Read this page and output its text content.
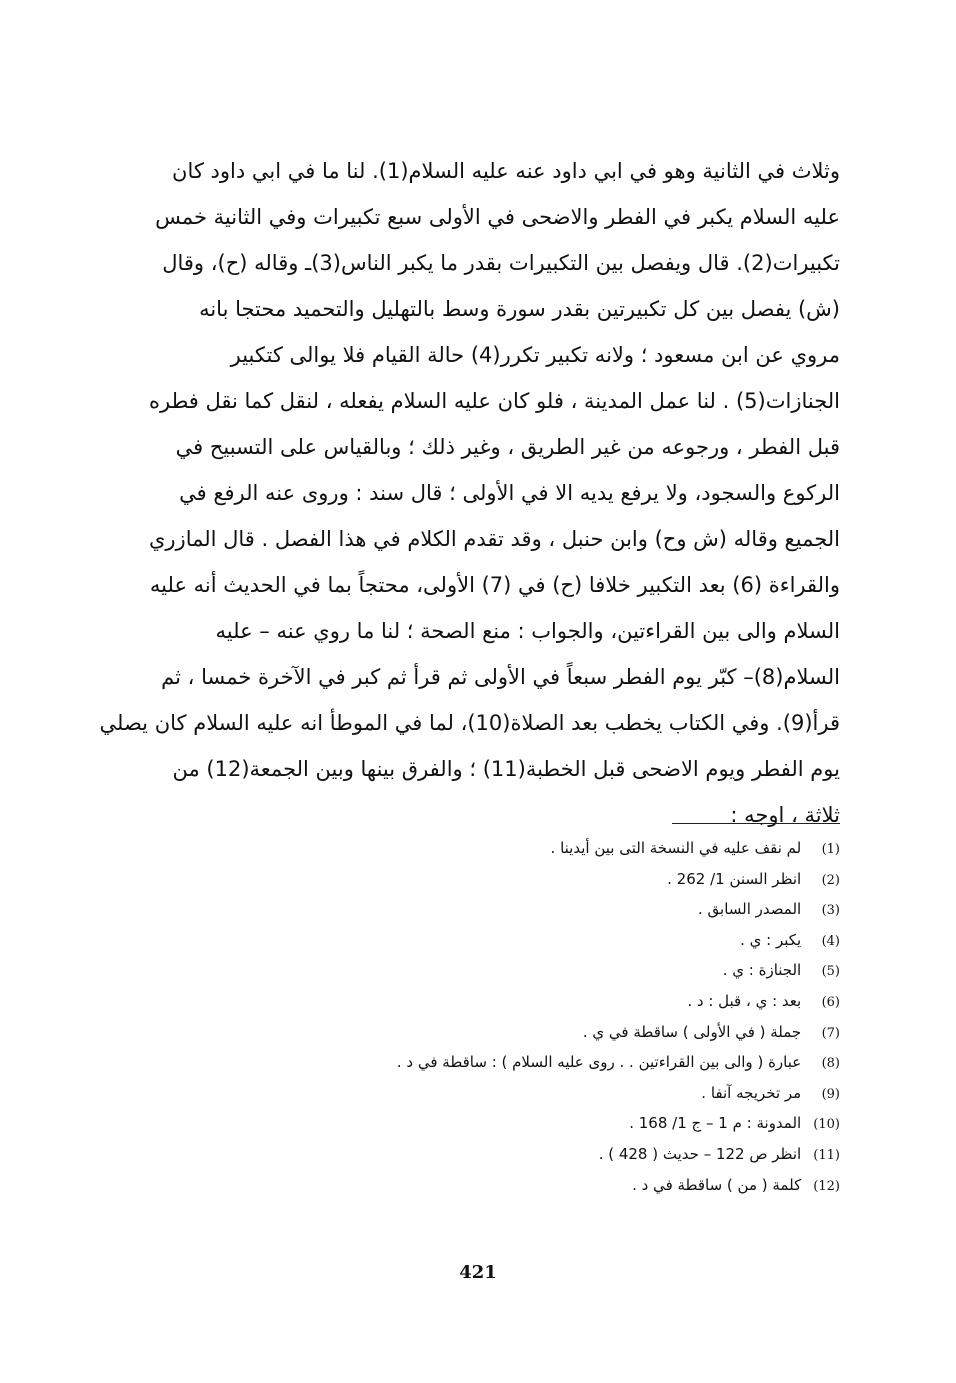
وثلاث في الثانية وهو في ابي داود عنه عليه السلام(1). لنا ما في ابي داود كان
عليه السلام يكبر في الفطر والاضحى في الأولى سبع تكبيرات وفي الثانية خمس
تكبيرات(2). قال ويفصل بين التكبيرات بقدر ما يكبر الناس(3)ـ وقاله (ح)، وقال
(ش) يفصل بين كل تكبيرتين بقدر سورة وسط بالتهليل والتحميد محتجا بانه
مروي عن ابن مسعود ؛ ولانه تكبير تكرر(4) حالة القيام فلا يوالى كتكبير
الجنازات(5) . لنا عمل المدينة ، فلو كان عليه السلام يفعله ، لنقل كما نقل فطره
قبل الفطر ، ورجوعه من غير الطريق ، وغير ذلك ؛ وبالقياس على التسبيح في
الركوع والسجود، ولا يرفع يديه الا في الأولى ؛ قال سند : وروى عنه الرفع في
الجميع وقاله (ش وح) وابن حنبل ، وقد تقدم الكلام في هذا الفصل . قال المازري
والقراءة (6) بعد التكبير خلافا (ح) في (7) الأولى، محتجاً بما في الحديث أنه عليه
السلام والى بين القراءتين، والجواب : منع الصحة ؛ لنا ما روي عنه – عليه
السلام(8)– كبّر يوم الفطر سبعاً في الأولى ثم قرأ ثم كبر في الآخرة خمسا ، ثم
قرأ(9). وفي الكتاب يخطب بعد الصلاة(10)، لما في الموطأ انه عليه السلام كان يصلي
يوم الفطر ويوم الاضحى قبل الخطبة(11) ؛ والفرق بينها وبين الجمعة(12) من
ثلاثة ، اوجه :
(1) لم نقف عليه في النسخة التى بين أيدينا .
(2) انظر السنن 1/ 262 .
(3) المصدر السابق .
(4) يكبر : ي .
(5) الجنازة : ي .
(6) بعد : ي ، قبل : د .
(7) جملة ( في الأولى ) ساقطة في ي .
(8) عبارة ( والى بين القراءتين . . روى عليه السلام ) : ساقطة في د .
(9) مر تخريجه آنفا .
(10) المدونة : م 1 – ج 1/ 168 .
(11) انظر ص 122 – حديث ( 428 ) .
(12) كلمة ( من ) ساقطة في د .
421
